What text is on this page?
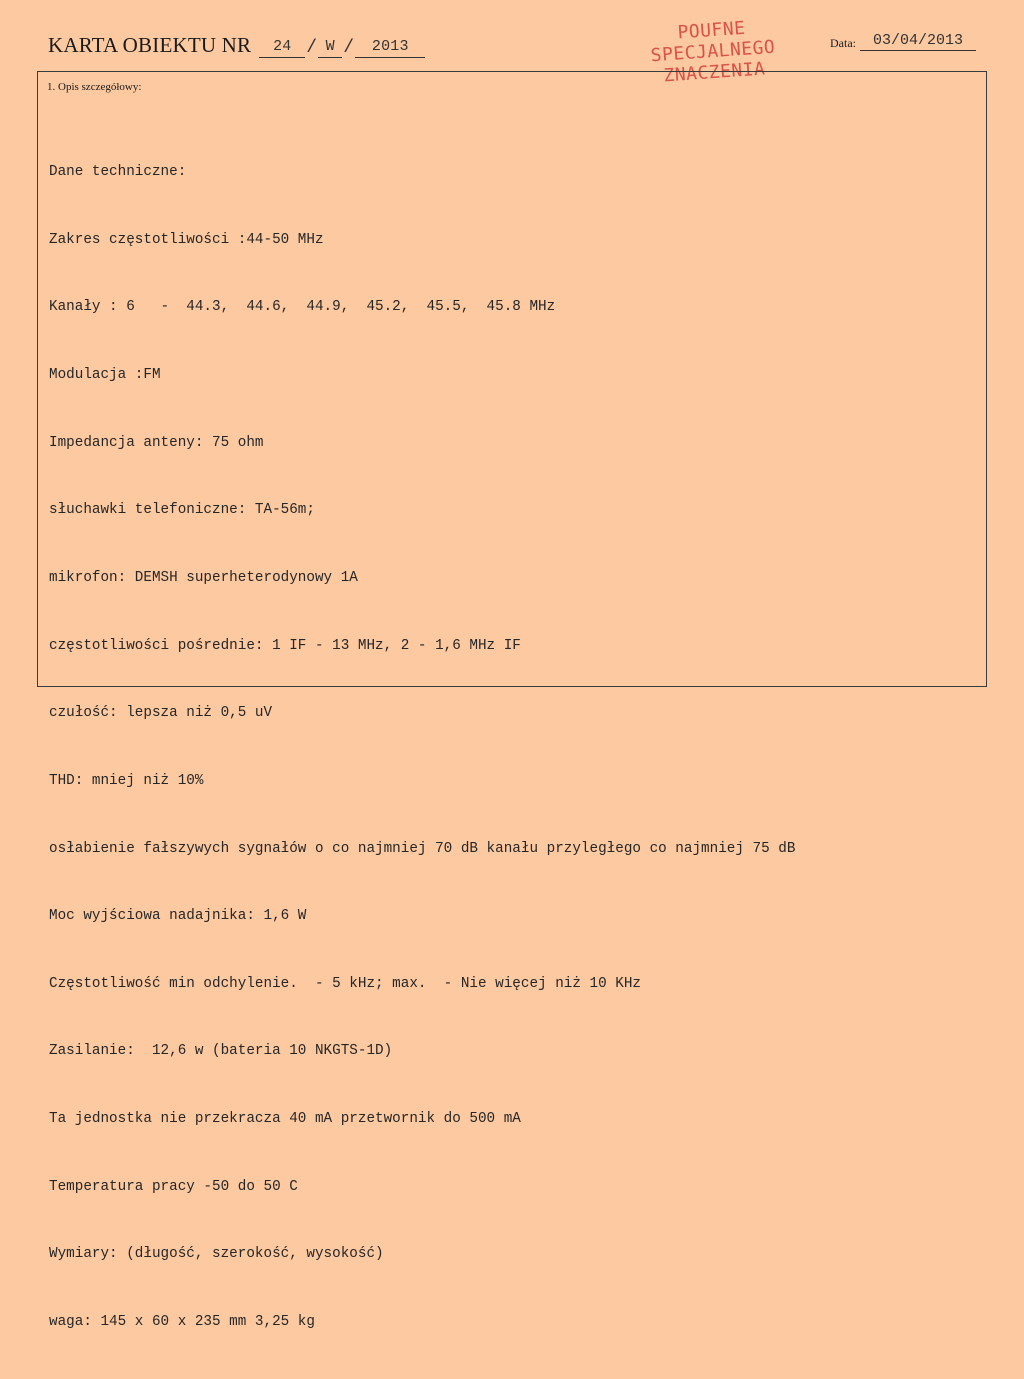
KARTA OBIEKTU NR	24 / W /	2013
POUFNE
SPECJALNEGO
ZNACZENIA
Data:	03/04/2013
1. Opis szczegółowy:

Dane techniczne:

Zakres częstotliwości :44-50 MHz

Kanały : 6   -  44.3,  44.6,  44.9,  45.2,  45.5,  45.8 MHz

Modulacja :FM

Impedancja anteny: 75 ohm

słuchawki telefoniczne: TA-56m;

mikrofon: DEMSH superheterodynowy 1A

częstotliwości pośrednie: 1 IF - 13 MHz, 2 - 1,6 MHz IF

czułość: lepsza niż 0,5 uV

THD: mniej niż 10%

osłabienie fałszywych sygnałów o co najmniej 70 dB kanału przyległego co najmniej 75 dB

Moc wyjściowa nadajnika: 1,6 W

Częstotliwość min odchylenie.  - 5 kHz; max.  - Nie więcej niż 10 KHz

Zasilanie:  12,6 w (bateria 10 NKGTS-1D)

Ta jednostka nie przekracza 40 mA przetwornik do 500 mA

Temperatura pracy -50 do 50 C

Wymiary: (długość, szerokość, wysokość)

waga: 145 x 60 x 235 mm 3,25 kg
